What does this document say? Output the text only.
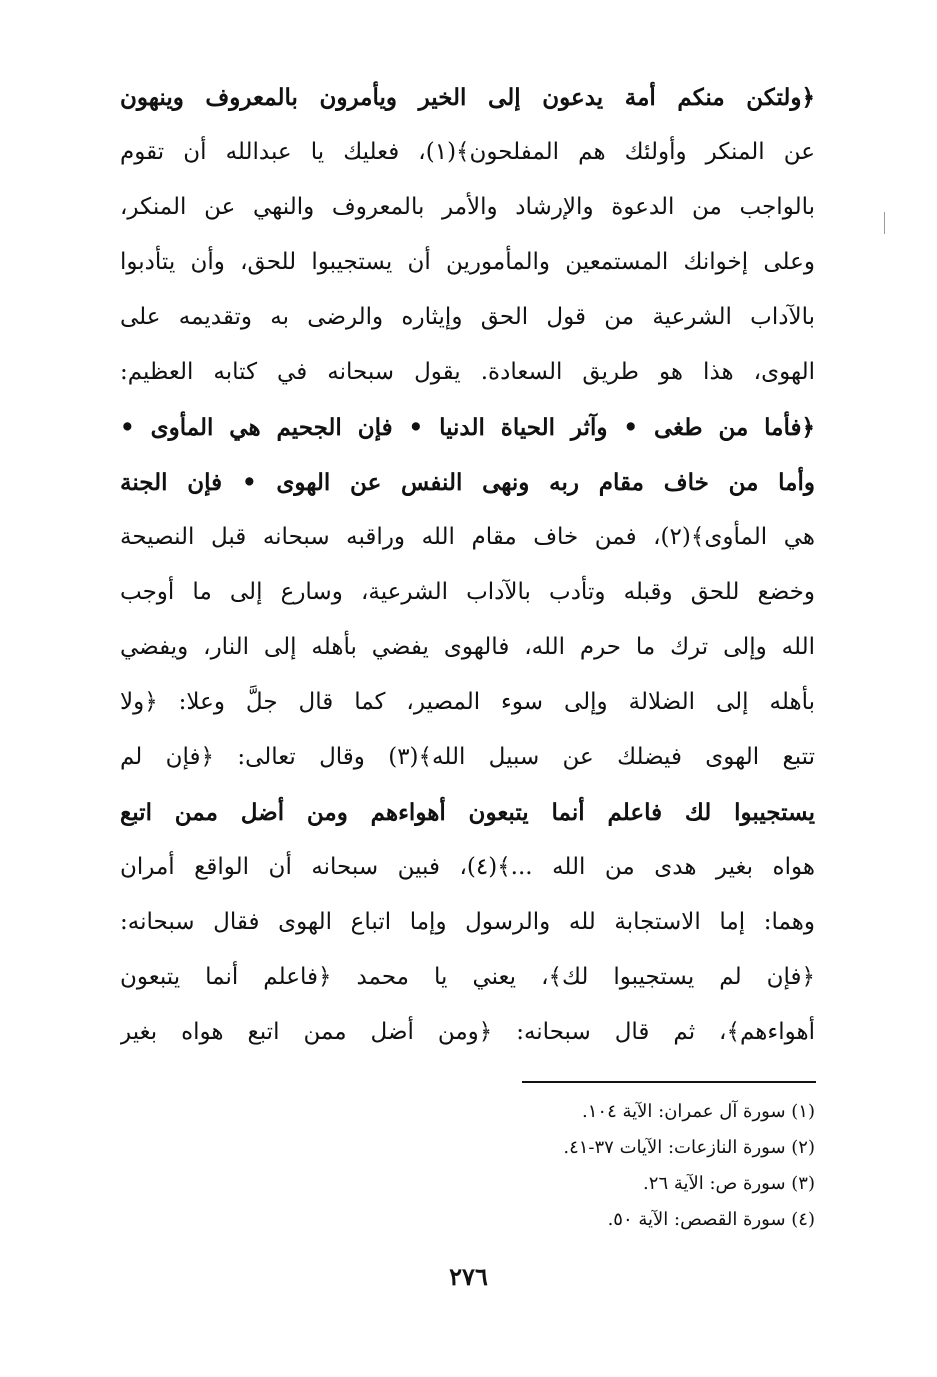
﴿ولتكن منكم أمة يدعون إلى الخير ويأمرون بالمعروف وينهون
عن المنكر وأولئك هم المفلحون﴾(١)، فعليك يا عبدالله أن تقوم
بالواجب من الدعوة والإرشاد والأمر بالمعروف والنهي عن المنكر،
وعلى إخوانك المستمعين والمأمورين أن يستجيبوا للحق، وأن يتأدبوا
بالآداب الشرعية من قول الحق وإيثاره والرضى به وتقديمه على
الهوى، هذا هو طريق السعادة. يقول سبحانه في كتابه العظيم:
﴿فأما من طغى • وآثر الحياة الدنيا • فإن الجحيم هي المأوى •
وأما من خاف مقام ربه ونهى النفس عن الهوى • فإن الجنة
هي المأوى﴾(٢)، فمن خاف مقام الله وراقبه سبحانه قبل النصيحة
وخضع للحق وقبله وتأدب بالآداب الشرعية، وسارع إلى ما أوجب
الله وإلى ترك ما حرم الله، فالهوى يفضي بأهله إلى النار، ويفضي
بأهله إلى الضلالة وإلى سوء المصير، كما قال جلَّ وعلا: ﴿ولا
تتبع الهوى فيضلك عن سبيل الله﴾(٣) وقال تعالى: ﴿فإن لم
يستجيبوا لك فاعلم أنما يتبعون أهواءهم ومن أضل ممن اتبع
هواه بغير هدى من الله ...﴾(٤)، فبين سبحانه أن الواقع أمران
وهما: إما الاستجابة لله والرسول وإما اتباع الهوى فقال سبحانه:
﴿فإن لم يستجيبوا لك﴾، يعني يا محمد ﴿فاعلم أنما يتبعون
أهواءهم﴾، ثم قال سبحانه: ﴿ومن أضل ممن اتبع هواه بغير
(١) سورة آل عمران: الآية ١٠٤.
(٢) سورة النازعات: الآيات ٣٧-٤١.
(٣) سورة ص: الآية ٢٦.
(٤) سورة القصص: الآية ٥٠.
٢٧٦
